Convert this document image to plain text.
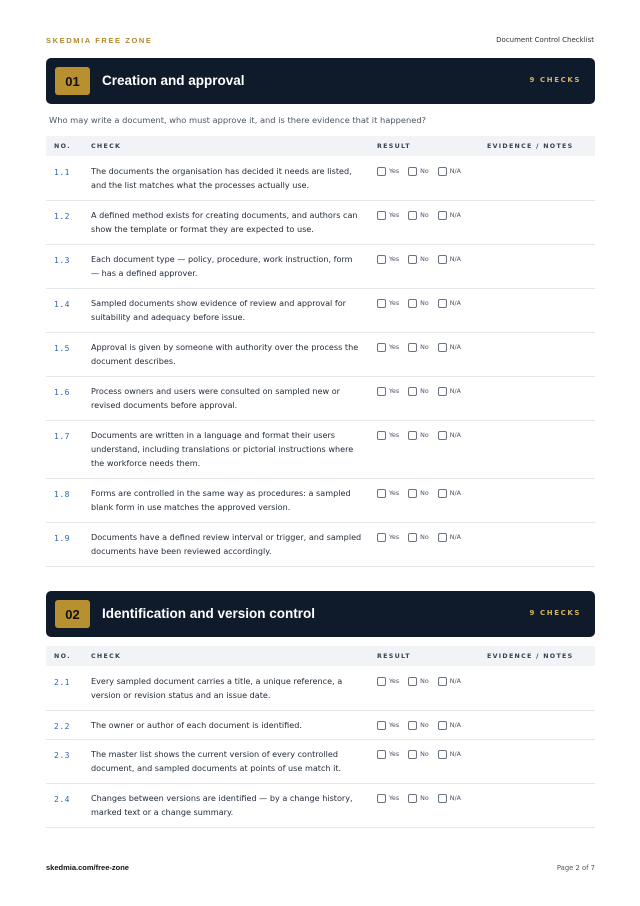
SKEDMIA FREE ZONE	Document Control Checklist
01	Creation and approval	9 CHECKS
Who may write a document, who must approve it, and is there evidence that it happened?
NO.	CHECK	RESULT	EVIDENCE / NOTES

1.1	The documents the organisation has decided it needs are listed,
and the list matches what the processes actually use.	Yes No N/A	

1.2	A defined method exists for creating documents, and authors can
show the template or format they are expected to use.	Yes No N/A	

1.3	Each document type — policy, procedure, work instruction, form
— has a defined approver.	Yes No N/A	

1.4	Sampled documents show evidence of review and approval for
suitability and adequacy before issue.	Yes No N/A	

1.5	Approval is given by someone with authority over the process the
document describes.	Yes No N/A	

1.6	Process owners and users were consulted on sampled new or
revised documents before approval.	Yes No N/A	

1.7	Documents are written in a language and format their users
understand, including translations or pictorial instructions where
the workforce needs them.	Yes No N/A	

1.8	Forms are controlled in the same way as procedures: a sampled
blank form in use matches the approved version.	Yes No N/A	

1.9	Documents have a defined review interval or trigger, and sampled
documents have been reviewed accordingly.	Yes No N/A	

02	Identification and version control	9 CHECKS
NO.	CHECK	RESULT	EVIDENCE / NOTES

2.1	Every sampled document carries a title, a unique reference, a
version or revision status and an issue date.	Yes No N/A	

2.2	The owner or author of each document is identified.	Yes No N/A	

2.3	The master list shows the current version of every controlled
document, and sampled documents at points of use match it.	Yes No N/A	

2.4	Changes between versions are identified — by a change history,
marked text or a change summary.	Yes No N/A	

skedmia.com/free-zone	Page 2 of 7
